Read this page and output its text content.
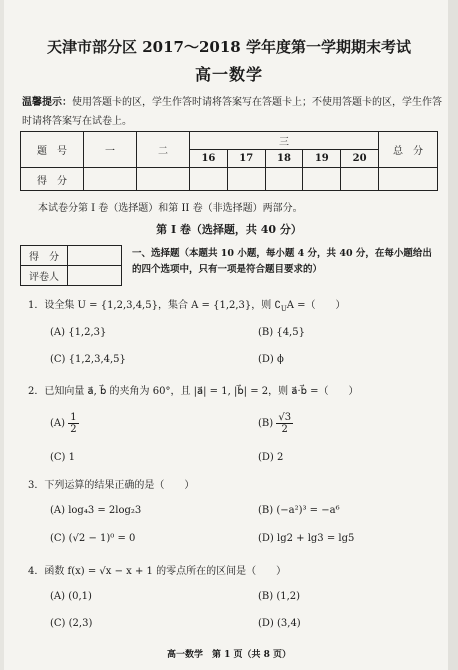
天津市部分区 2017～2018 学年度第一学期期末考试
高一数学
温馨提示：使用答题卡的区，学生作答时请将答案写在答题卡上；不使用答题卡的区，学生作答时请将答案写在试卷上。
题　号	一	二	三					总　分
			16	17	18	19	20	
得　分								
本试卷分第 I 卷（选择题）和第 II 卷（非选择题）两部分。
第 I 卷（选择题，共 40 分）
得　分	
评卷人	
一、选择题（本题共 10 小题，每小题 4 分，共 40 分，在每小题给出的四个选项中，只有一项是符合题目要求的）
1．设全集 U = {1,2,3,4,5}，集合 A = {1,2,3}，则 $∁_UA$ =（　　）
(A) {1,2,3}	(B) {4,5}
(C) {1,2,3,4,5}	(D) ϕ
2．已知向量 a⃗, b⃗ 的夹角为 60°，且 |a⃗| = 1, |b⃗| = 2，则 a⃗·b⃗ =（　　）
$(A) \frac{1}{2}$	$(B) \frac{√3}{2}$
(C) 1	(D) 2
3．下列运算的结果正确的是（　　）
(A) log₄3 = 2log₂3	(B) (−a²)³ = −a⁶
(C) (√2 − 1)⁰ = 0	(D) lg2 + lg3 = lg5
4．函数 f(x) = √x − x + 1 的零点所在的区间是（　　）
(A) (0,1)	(B) (1,2)
(C) (2,3)	(D) (3,4)
高一数学　第 1 页（共 8 页）
